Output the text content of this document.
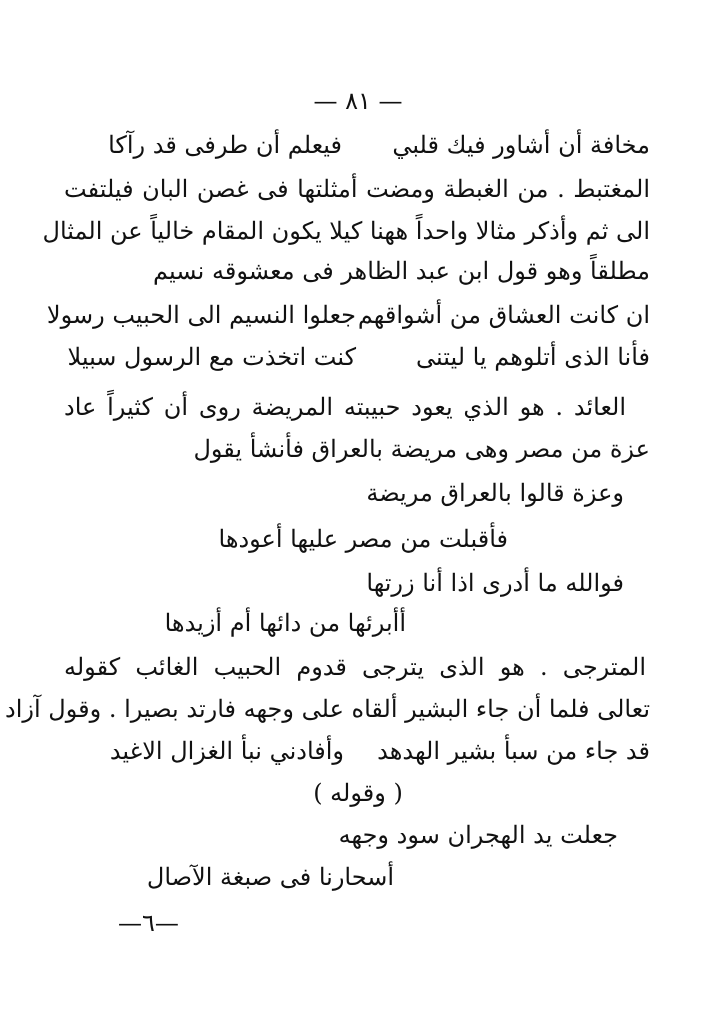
— ٨١ —
مخافة أن أشاور فيك قلبي
فيعلم أن طرفى قد رآكا
المغتبط . من الغبطة ومضت أمثلتها فى غصن البان فيلتفت
الى ثم وأذكر مثالا واحداً ههنا كيلا يكون المقام خالياً عن المثال
مطلقاً وهو قول ابن عبد الظاهر فى معشوقه نسيم
ان كانت العشاق من أشواقهم
جعلوا النسيم الى الحبيب رسولا
فأنا الذى أتلوهم يا ليتنى
كنت اتخذت مع الرسول سبيلا
العائد . هو الذي يعود حبيبته المريضة روى أن كثيراً عاد
عزة من مصر وهى مريضة بالعراق فأنشأ يقول
وعزة قالوا بالعراق مريضة
فأقبلت من مصر عليها أعودها
فوالله ما أدرى اذا أنا زرتها
أأبرئها من دائها أم أزيدها
المترجى . هو الذى يترجى قدوم الحبيب الغائب كقوله
تعالى فلما أن جاء البشير ألقاه على وجهه فارتد بصيرا . وقول آزاد
قد جاء من سبأ بشير الهدهد
وأفادني نبأ الغزال الاغيد
( وقوله )
جعلت يد الهجران سود وجهه
أسحارنا فى صبغة الآصال
—٦—
